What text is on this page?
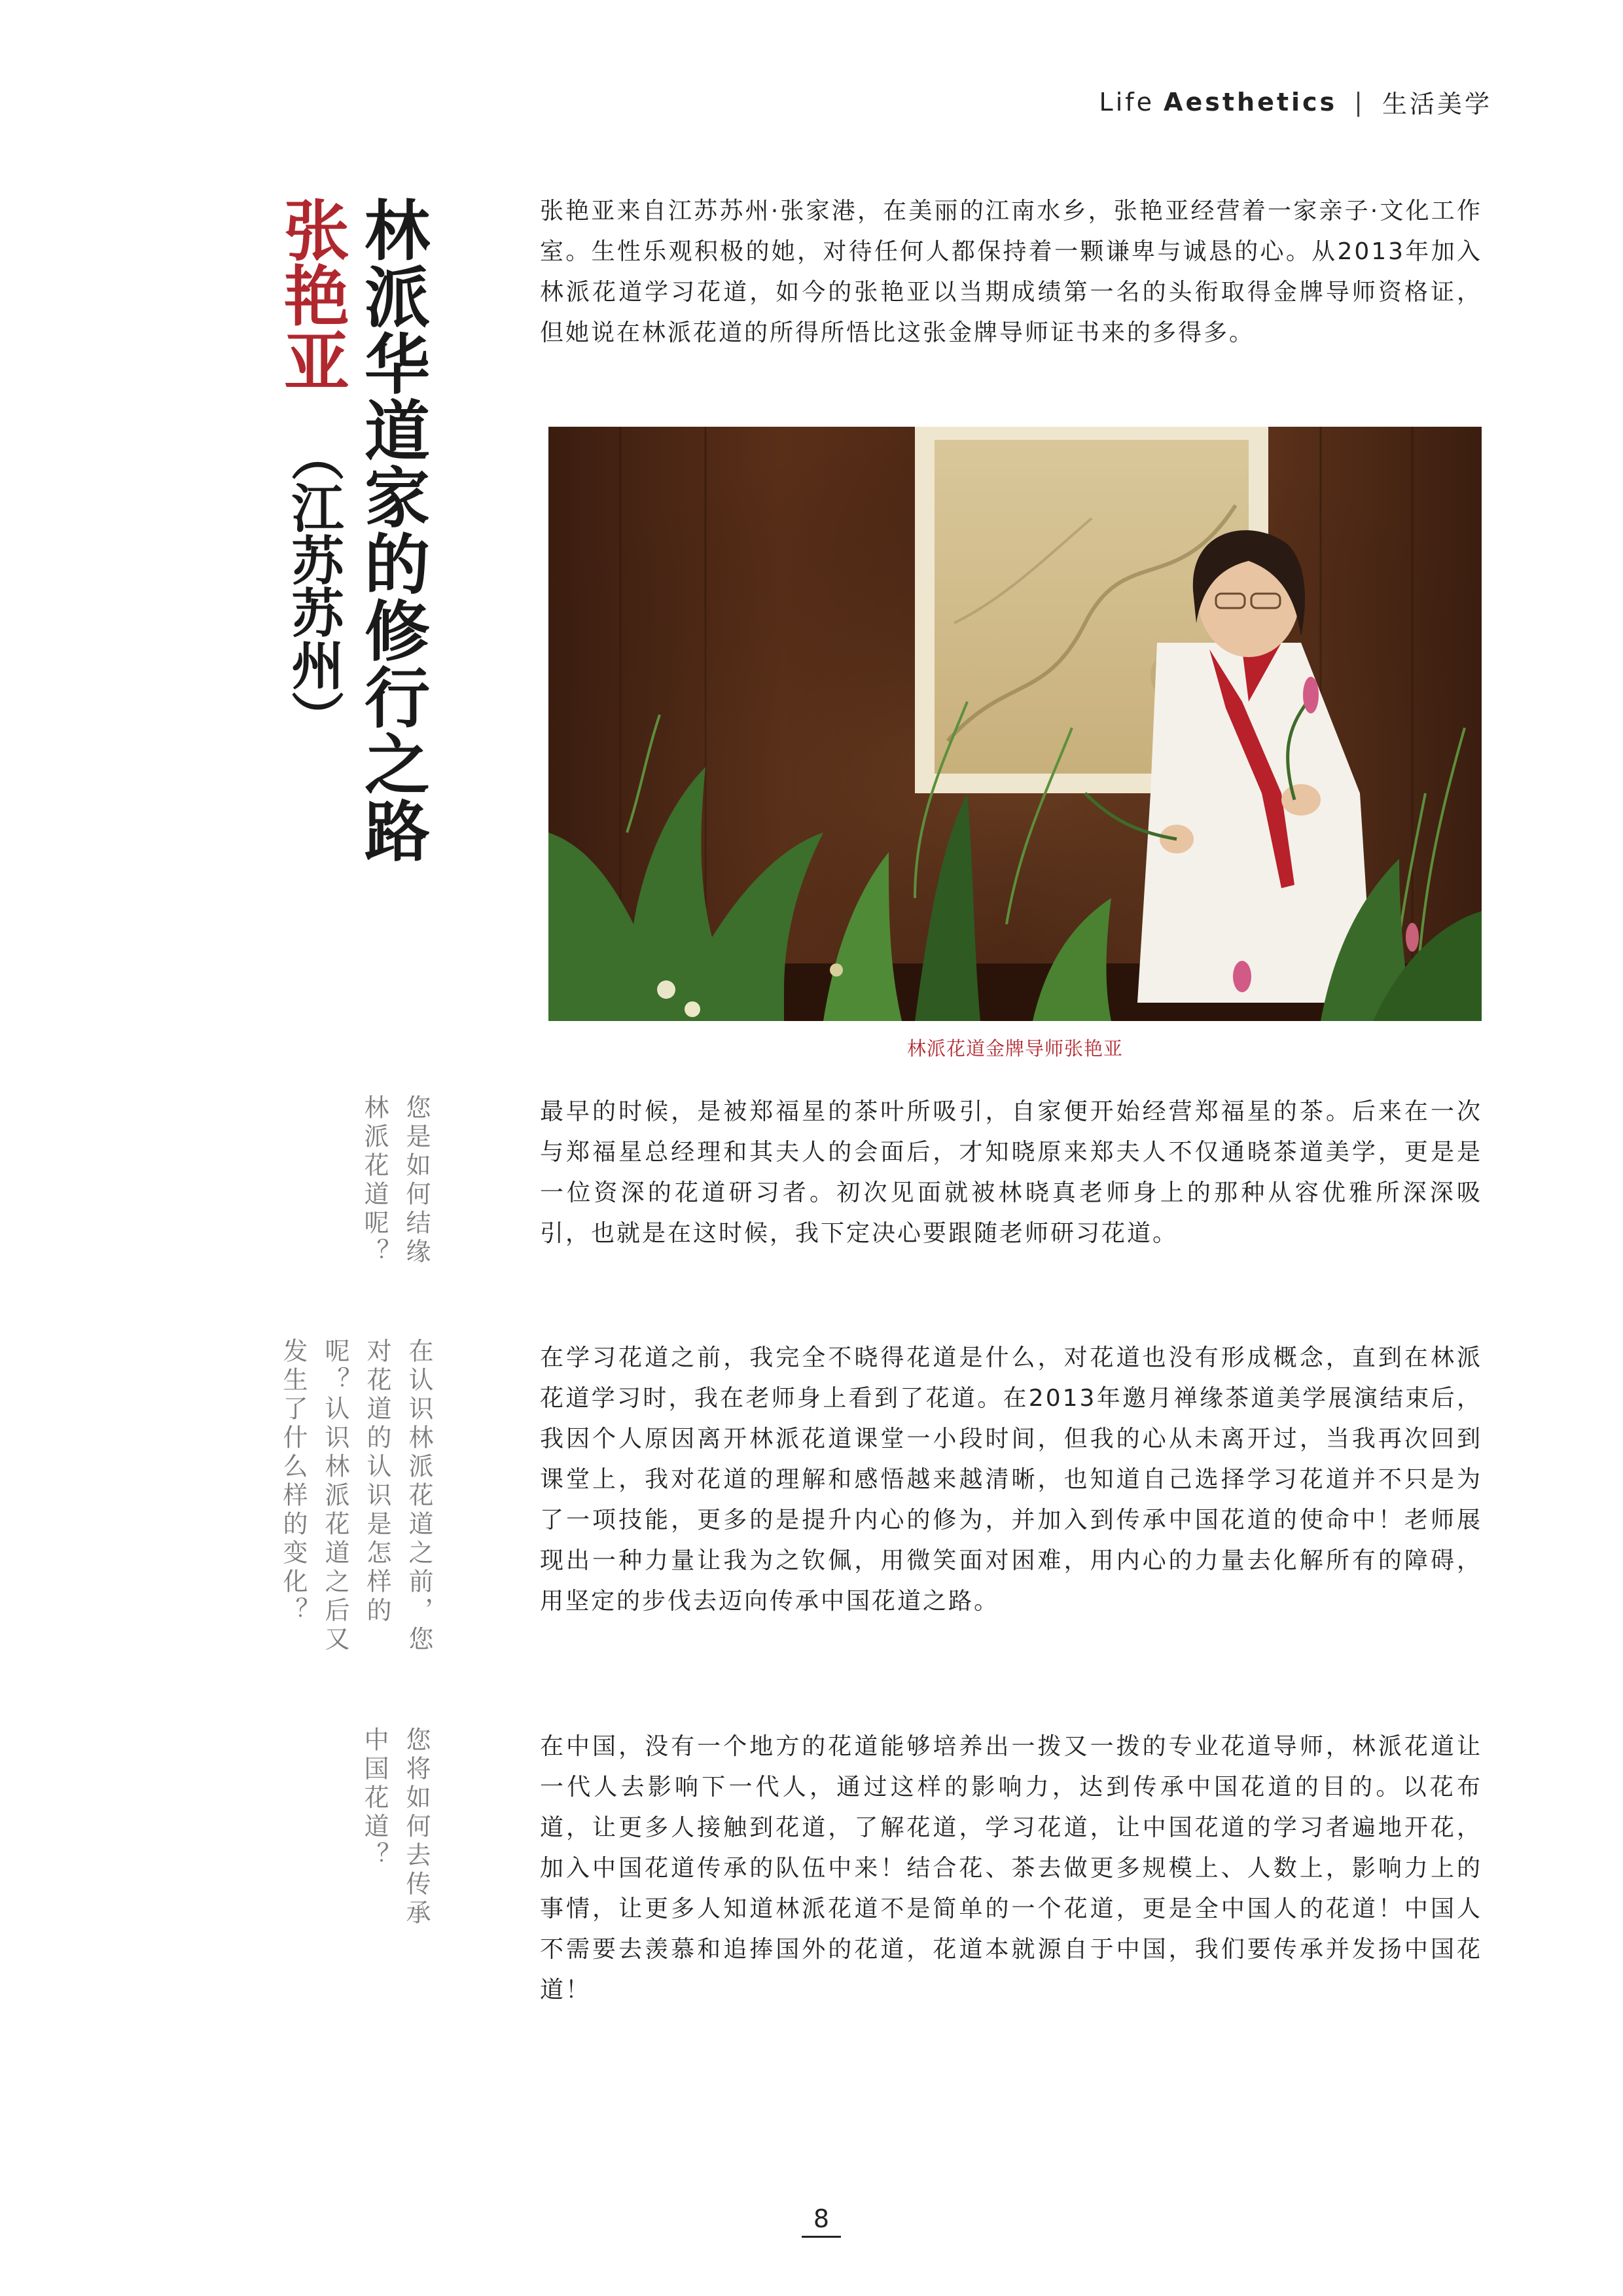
Life Aesthetics | 生活美学
林派华道家的修行之路
张艳亚
（江苏苏州）

张艳亚来自江苏苏州·张家港，在美丽的江南水乡，张艳亚经营着一家亲子·文化工作室。生性乐观积极的她，对待任何人都保持着一颗谦卑与诚恳的心。从2013年加入林派花道学习花道，如今的张艳亚以当期成绩第一名的头衔取得金牌导师资格证，但她说在林派花道的所得所悟比这张金牌导师证书来的多得多。

林派花道金牌导师张艳亚
您是如何结缘林派花道呢？	最早的时候，是被郑福星的茶叶所吸引，自家便开始经营郑福星的茶。后来在一次与郑福星总经理和其夫人的会面后，才知晓原来郑夫人不仅通晓茶道美学，更是是一位资深的花道研习者。初次见面就被林晓真老师身上的那种从容优雅所深深吸引，也就是在这时候，我下定决心要跟随老师研习花道。

在认识林派花道之前，您对花道的认识是怎样的呢？认识林派花道之后又发生了什么样的变化？	在学习花道之前，我完全不晓得花道是什么，对花道也没有形成概念，直到在林派花道学习时，我在老师身上看到了花道。在2013年邀月禅缘茶道美学展演结束后，我因个人原因离开林派花道课堂一小段时间，但我的心从未离开过，当我再次回到课堂上，我对花道的理解和感悟越来越清晰，也知道自己选择学习花道并不只是为了一项技能，更多的是提升内心的修为，并加入到传承中国花道的使命中！老师展现出一种力量让我为之钦佩，用微笑面对困难，用内心的力量去化解所有的障碍，用坚定的步伐去迈向传承中国花道之路。

您将如何去传承中国花道？	在中国，没有一个地方的花道能够培养出一拨又一拨的专业花道导师，林派花道让一代人去影响下一代人，通过这样的影响力，达到传承中国花道的目的。以花布道，让更多人接触到花道，了解花道，学习花道，让中国花道的学习者遍地开花，加入中国花道传承的队伍中来！结合花、茶去做更多规模上、人数上，影响力上的事情，让更多人知道林派花道不是简单的一个花道，更是全中国人的花道！中国人不需要去羡慕和追捧国外的花道，花道本就源自于中国，我们要传承并发扬中国花道！

8
